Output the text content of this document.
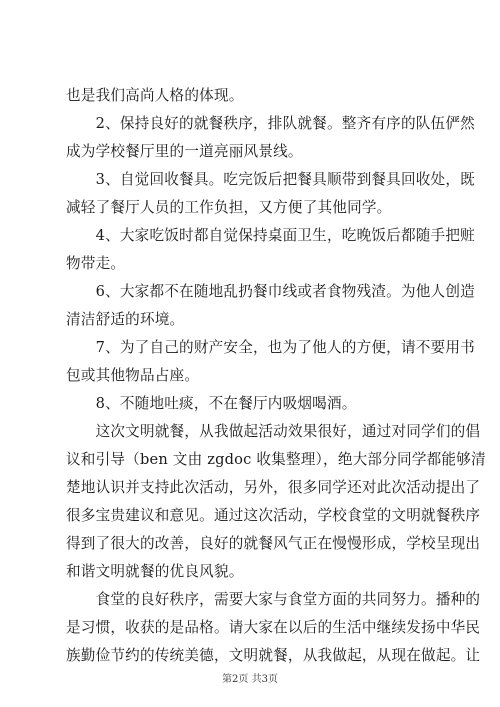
也是我们高尚人格的体现。
　　2、保持良好的就餐秩序，排队就餐。整齐有序的队伍俨然
成为学校餐厅里的一道亮丽风景线。
　　3、自觉回收餐具。吃完饭后把餐具顺带到餐具回收处，既
减轻了餐厅人员的工作负担，又方便了其他同学。
　　4、大家吃饭时都自觉保持桌面卫生，吃晚饭后都随手把赃
物带走。
　　6、大家都不在随地乱扔餐巾线或者食物残渣。为他人创造
清洁舒适的环境。
　　7、为了自己的财产安全，也为了他人的方便，请不要用书
包或其他物品占座。
　　8、不随地吐痰，不在餐厅内吸烟喝酒。
　　这次文明就餐，从我做起活动效果很好，通过对同学们的倡
议和引导（ben 文由 zgdoc 收集整理），绝大部分同学都能够清
楚地认识并支持此次活动，另外，很多同学还对此次活动提出了
很多宝贵建议和意见。通过这次活动，学校食堂的文明就餐秩序
得到了很大的改善，良好的就餐风气正在慢慢形成，学校呈现出
和谐文明就餐的优良风貌。
　　食堂的良好秩序，需要大家与食堂方面的共同努力。播种的
是习惯，收获的是品格。请大家在以后的生活中继续发扬中华民
族勤俭节约的传统美德，文明就餐，从我做起，从现在做起。让
第2页 共3页
